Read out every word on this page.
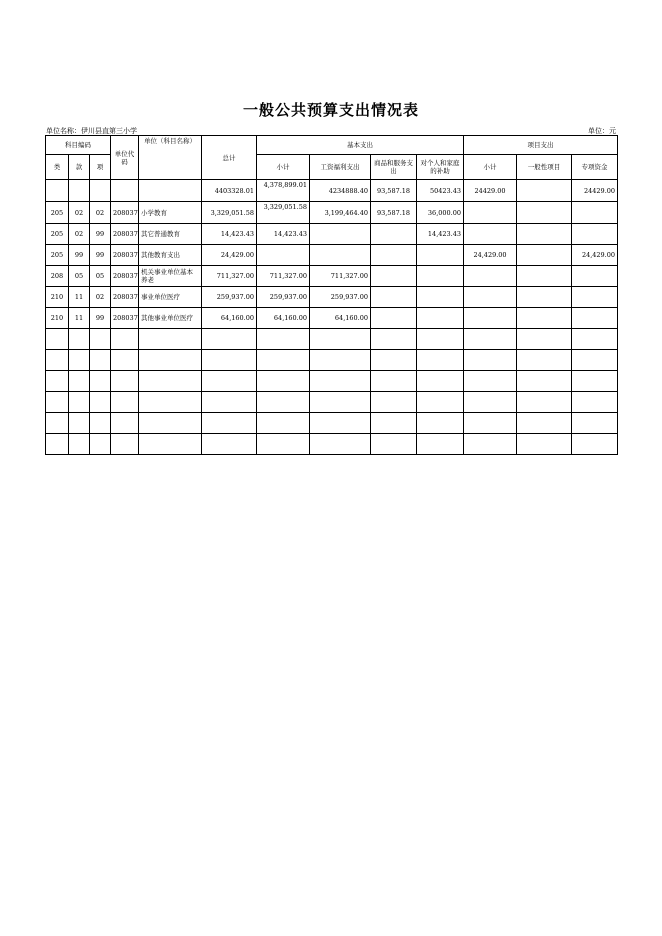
一般公共预算支出情况表
单位名称：伊川县直第三小学	单位：元
科目编码			单位代码	单位（科目名称）	总计	基本支出				项目支出		
类	款	项				小计	工资福利支出	商品和服务支出	对个人和家庭的补助	小计	一般性项目	专项资金
					4403328.01	4,378,899.01	4234888.40	93,587.18	50423.43	24429.00		24429.00
205	02	02	208037	小学教育	3,329,051.58	3,329,051.58	3,199,464.40	93,587.18	36,000.00			
205	02	99	208037	其它普通教育	14,423.43	14,423.43			14,423.43			
205	99	99	208037	其他教育支出	24,429.00					24,429.00		24,429.00
208	05	05	208037	机关事业单位基本养老	711,327.00	711,327.00	711,327.00					
210	11	02	208037	事业单位医疗	259,937.00	259,937.00	259,937.00					
210	11	99	208037	其他事业单位医疗	64,160.00	64,160.00	64,160.00					
